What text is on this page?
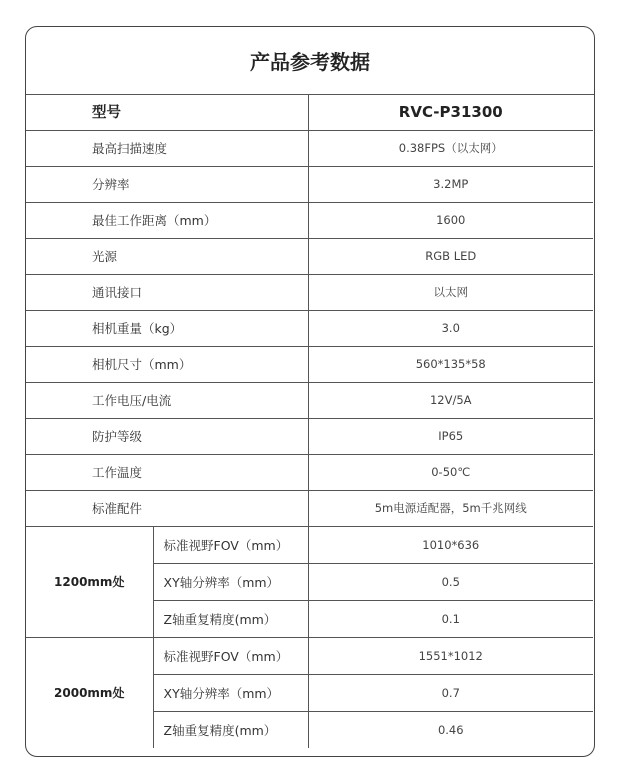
产品参考数据
型号		RVC-P31300
最高扫描速度		0.38FPS（以太网）
分辨率		3.2MP
最佳工作距离（mm）		1600
光源		RGB LED
通讯接口		以太网
相机重量（kg）		3.0
相机尺寸（mm）		560*135*58
工作电压/电流		12V/5A
防护等级		IP65
工作温度		0-50℃
标准配件		5m电源适配器，5m千兆网线
1200mm处	标准视野FOV（mm）	1010*636
	XY轴分辨率（mm）	0.5
	Z轴重复精度(mm）	0.1
2000mm处	标准视野FOV（mm）	1551*1012
	XY轴分辨率（mm）	0.7
	Z轴重复精度(mm）	0.46
